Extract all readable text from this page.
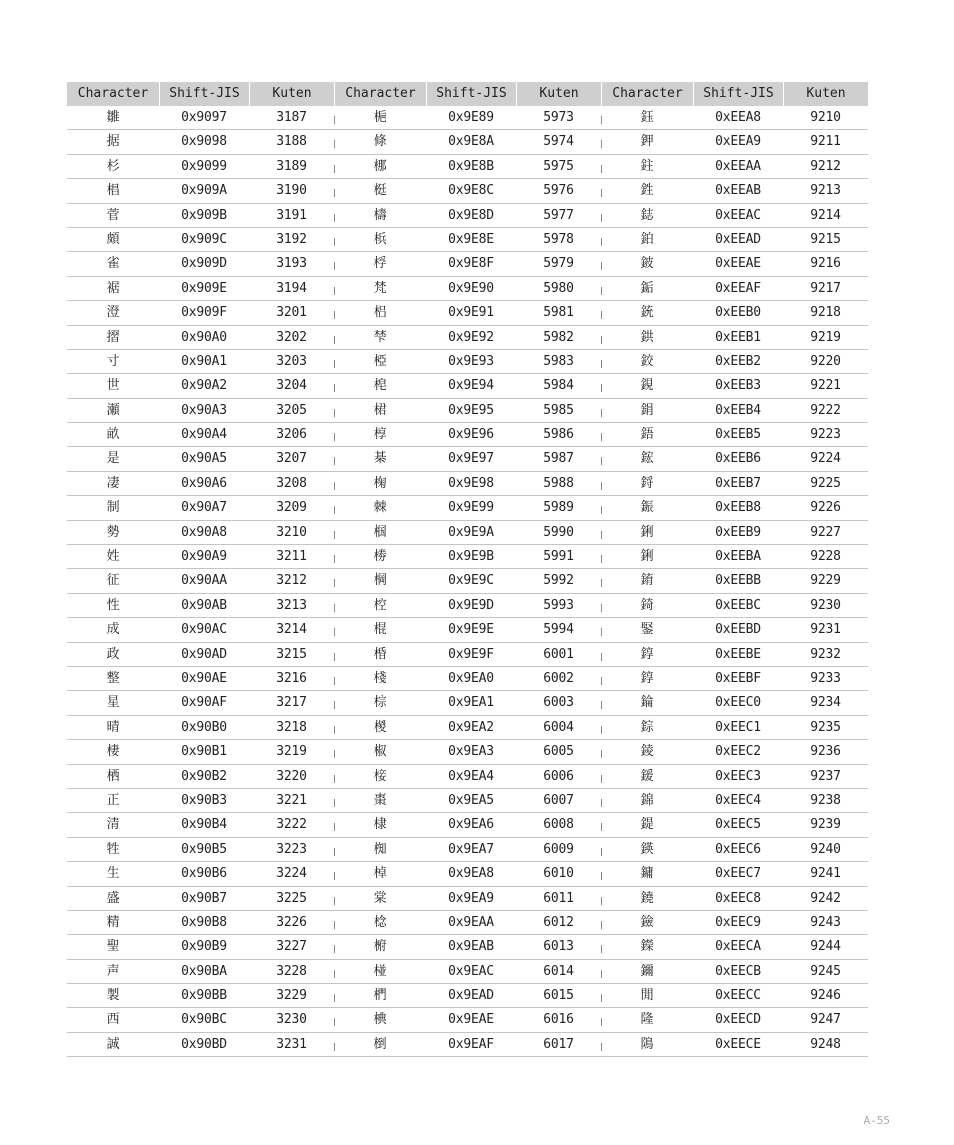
Character	Shift-JIS	Kuten	Character	Shift-JIS	Kuten	Character	Shift-JIS	Kuten
雛	0x9097	3187	梔	0x9E89	5973	鈺	0xEEA8	9210
据	0x9098	3188	條	0x9E8A	5974	鉀	0xEEA9	9211
杉	0x9099	3189	梛	0x9E8B	5975	鉒	0xEEAA	9212
椙	0x909A	3190	梃	0x9E8C	5976	鉎	0xEEAB	9213
菅	0x909B	3191	檮	0x9E8D	5977	鋕	0xEEAC	9214
頗	0x909C	3192	梹	0x9E8E	5978	鉑	0xEEAD	9215
雀	0x909D	3193	桴	0x9E8F	5979	鈹	0xEEAE	9216
裾	0x909E	3194	梵	0x9E90	5980	銗	0xEEAF	9217
澄	0x909F	3201	梠	0x9E91	5981	銃	0xEEB0	9218
摺	0x90A0	3202	梺	0x9E92	5982	鉷	0xEEB1	9219
寸	0x90A1	3203	椏	0x9E93	5983	鉸	0xEEB2	9220
世	0x90A2	3204	梍	0x9E94	5984	鋧	0xEEB3	9221
瀬	0x90A3	3205	桾	0x9E95	5985	鋗	0xEEB4	9222
畝	0x90A4	3206	椁	0x9E96	5986	鋙	0xEEB5	9223
是	0x90A5	3207	棊	0x9E97	5987	鋐	0xEEB6	9224
凄	0x90A6	3208	椈	0x9E98	5988	鋝	0xEEB7	9225
制	0x90A7	3209	棘	0x9E99	5989	鋠	0xEEB8	9226
勢	0x90A8	3210	椢	0x9E9A	5990	鋓	0xEEB9	9227
姓	0x90A9	3211	椦	0x9E9B	5991	鋓	0xEEBA	9228
征	0x90AA	3212	棡	0x9E9C	5992	錥	0xEEBB	9229
性	0x90AB	3213	椌	0x9E9D	5993	錡	0xEEBC	9230
成	0x90AC	3214	棍	0x9E9E	5994	鋻	0xEEBD	9231
政	0x90AD	3215	棔	0x9E9F	6001	錞	0xEEBE	9232
整	0x90AE	3216	棧	0x9EA0	6002	錞	0xEEBF	9233
星	0x90AF	3217	棕	0x9EA1	6003	錀	0xEEC0	9234
晴	0x90B0	3218	椶	0x9EA2	6004	錝	0xEEC1	9235
棲	0x90B1	3219	椒	0x9EA3	6005	錂	0xEEC2	9236
栖	0x90B2	3220	椄	0x9EA4	6006	鍰	0xEEC3	9237
正	0x90B3	3221	棗	0x9EA5	6007	錦	0xEEC4	9238
清	0x90B4	3222	棣	0x9EA6	6008	鍉	0xEEC5	9239
牲	0x90B5	3223	椥	0x9EA7	6009	鍈	0xEEC6	9240
生	0x90B6	3224	棹	0x9EA8	6010	鏞	0xEEC7	9241
盛	0x90B7	3225	棠	0x9EA9	6011	鐃	0xEEC8	9242
精	0x90B8	3226	棯	0x9EAA	6012	鐱	0xEEC9	9243
聖	0x90B9	3227	椨	0x9EAB	6013	鑅	0xEECA	9244
声	0x90BA	3228	椪	0x9EAC	6014	鑈	0xEECB	9245
製	0x90BB	3229	椚	0x9EAD	6015	閒	0xEECC	9246
西	0x90BC	3230	椣	0x9EAE	6016	隆	0xEECD	9247
誠	0x90BD	3231	椡	0x9EAF	6017	隝	0xEECE	9248
A-55
